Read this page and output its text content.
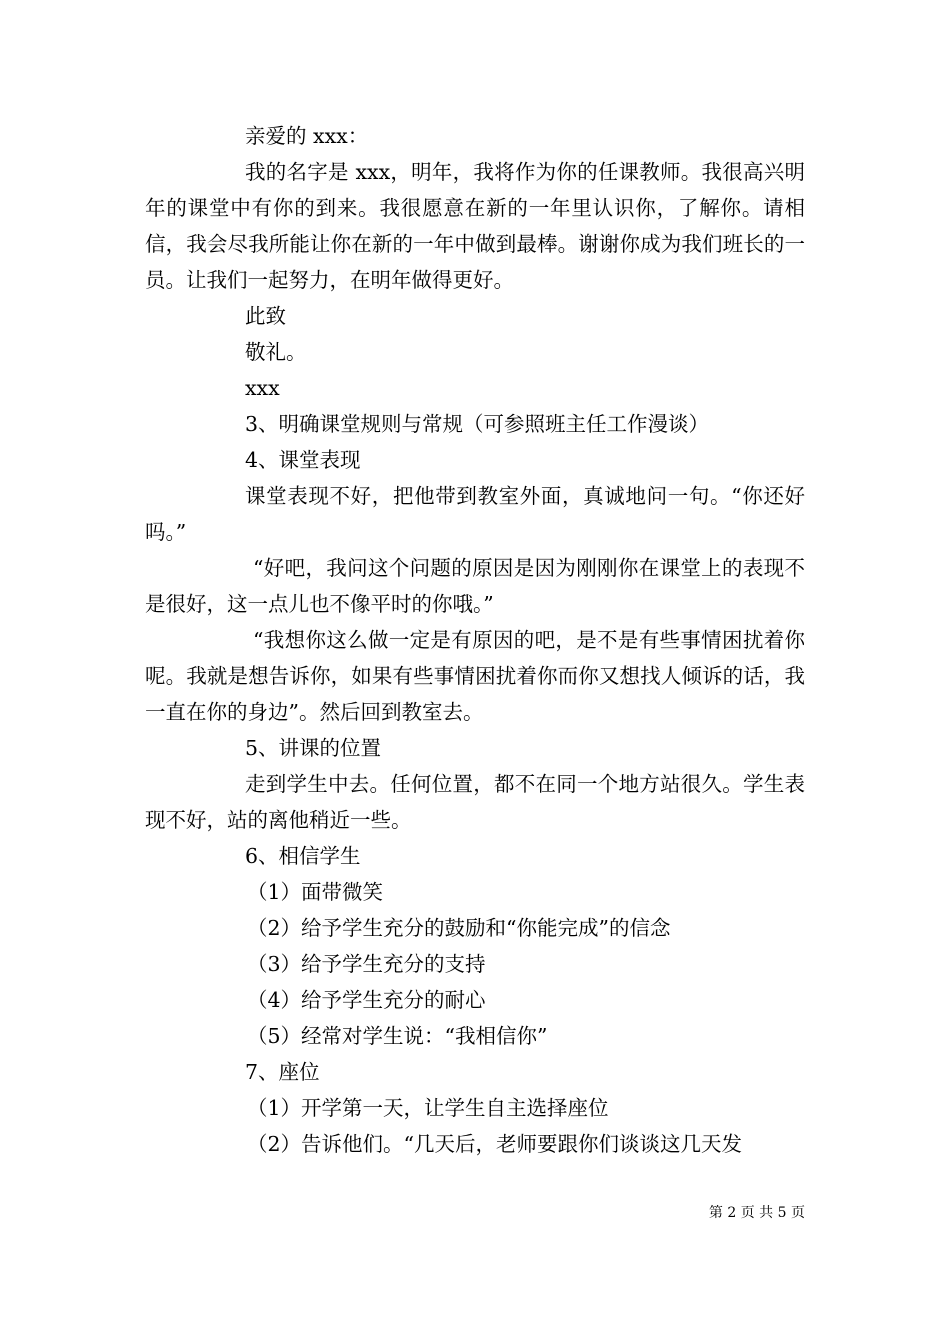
亲爱的 xxx：

我的名字是 xxx，明年，我将作为你的任课教师。我很高兴明年的课堂中有你的到来。我很愿意在新的一年里认识你，了解你。请相信，我会尽我所能让你在新的一年中做到最棒。谢谢你成为我们班长的一员。让我们一起努力，在明年做得更好。

此致

敬礼。

xxx

3、明确课堂规则与常规（可参照班主任工作漫谈）

4、课堂表现

课堂表现不好，把他带到教室外面，真诚地问一句。“你还好吗。”

“好吧，我问这个问题的原因是因为刚刚你在课堂上的表现不是很好，这一点儿也不像平时的你哦。”

“我想你这么做一定是有原因的吧，是不是有些事情困扰着你呢。我就是想告诉你，如果有些事情困扰着你而你又想找人倾诉的话，我一直在你的身边”。然后回到教室去。

5、讲课的位置

走到学生中去。任何位置，都不在同一个地方站很久。学生表现不好，站的离他稍近一些。

6、相信学生

（1）面带微笑

（2）给予学生充分的鼓励和“你能完成”的信念

（3）给予学生充分的支持

（4）给予学生充分的耐心

（5）经常对学生说：“我相信你”

7、座位

（1）开学第一天，让学生自主选择座位

（2）告诉他们。“几天后，老师要跟你们谈谈这几天发

第 2 页 共 5 页
